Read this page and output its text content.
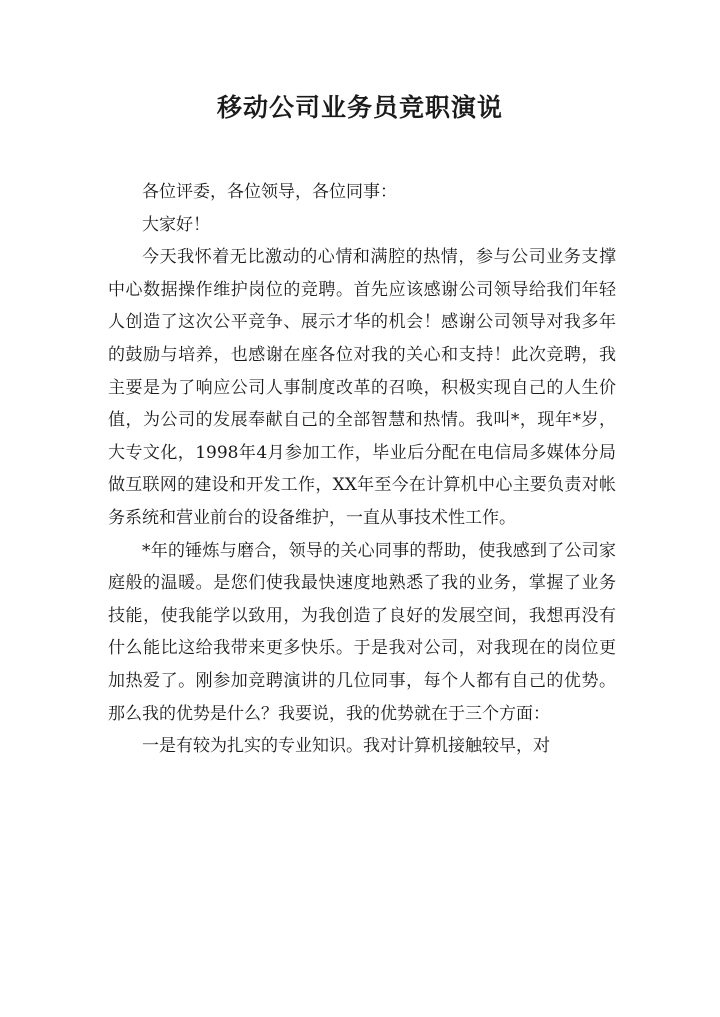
移动公司业务员竞职演说

各位评委，各位领导，各位同事：

大家好！

今天我怀着无比激动的心情和满腔的热情，参与公司业务支撑中心数据操作维护岗位的竞聘。首先应该感谢公司领导给我们年轻人创造了这次公平竞争、展示才华的机会！感谢公司领导对我多年的鼓励与培养，也感谢在座各位对我的关心和支持！此次竞聘，我主要是为了响应公司人事制度改革的召唤，积极实现自己的人生价值，为公司的发展奉献自己的全部智慧和热情。我叫*，现年*岁，大专文化，1998年4月参加工作，毕业后分配在电信局多媒体分局做互联网的建设和开发工作，XX年至今在计算机中心主要负责对帐务系统和营业前台的设备维护，一直从事技术性工作。

*年的锤炼与磨合，领导的关心同事的帮助，使我感到了公司家庭般的温暖。是您们使我最快速度地熟悉了我的业务，掌握了业务技能，使我能学以致用，为我创造了良好的发展空间，我想再没有什么能比这给我带来更多快乐。于是我对公司，对我现在的岗位更加热爱了。刚参加竞聘演讲的几位同事，每个人都有自己的优势。那么我的优势是什么？我要说，我的优势就在于三个方面：

一是有较为扎实的专业知识。我对计算机接触较早，对
